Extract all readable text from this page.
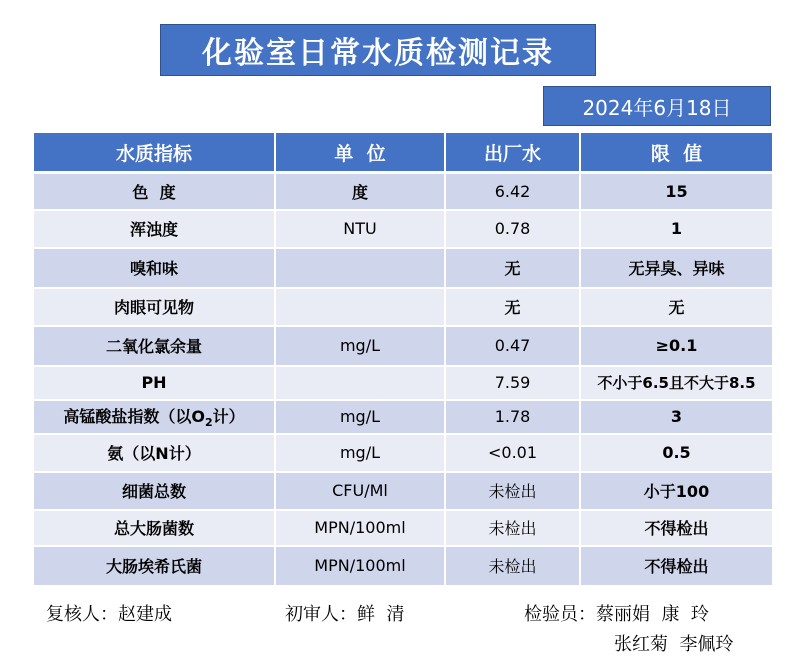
化验室日常水质检测记录
2024年6月18日
水质指标	单  位	出厂水	限  值
色  度	度	6.42	15
浑浊度	NTU	0.78	1
嗅和味		无	无异臭、异味
肉眼可见物		无	无
二氧化氯余量	mg/L	0.47	≥0.1
PH		7.59	不小于6.5且不大于8.5
高锰酸盐指数（以$O_2$计）	mg/L	1.78	3
氨（以N计）	mg/L	<0.01	0.5
细菌总数	CFU/Ml	未检出	小于100
总大肠菌数	MPN/100ml	未检出	不得检出
大肠埃希氏菌	MPN/100ml	未检出	不得检出
复核人：赵建成	初审人：鲜  清	检验员：蔡丽娟  康  玲
张红菊  李佩玲
